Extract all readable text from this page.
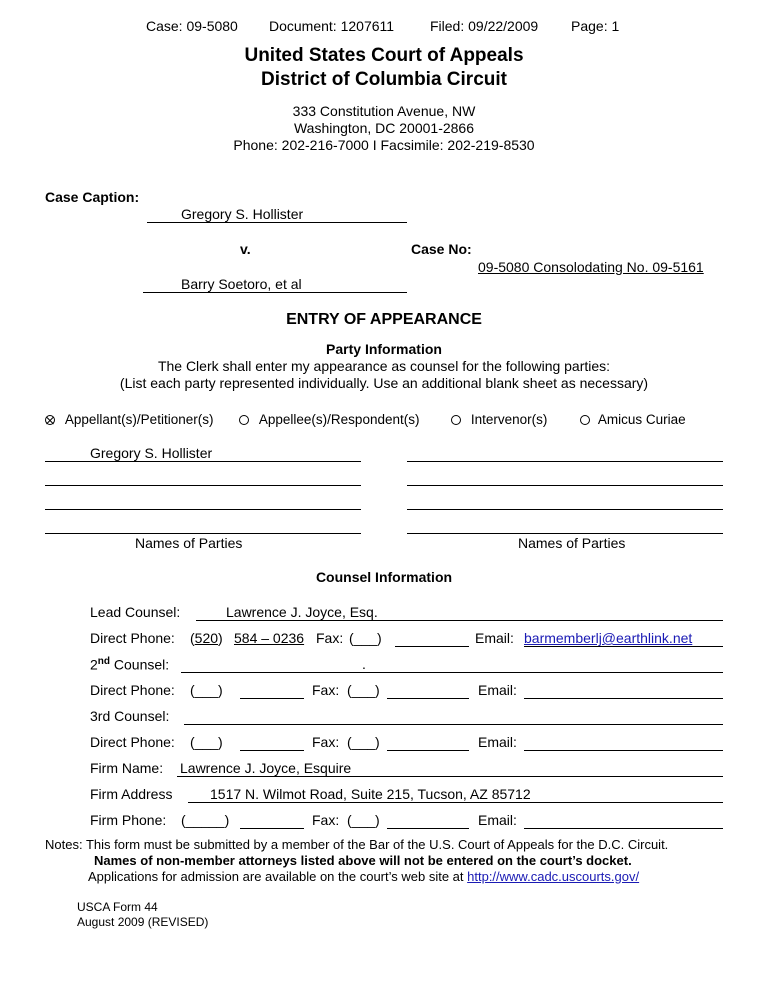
Case: 09-5080 Document: 1207611	Filed: 09/22/2009 Page: 1
United States Court of Appeals
District of Columbia Circuit
333 Constitution Avenue, NW
Washington, DC 20001-2866
Phone: 202-216-7000 I Facsimile: 202-219-8530
Case Caption:
Gregory S. Hollister
v.	Case No:
09-5080 Consolodating No. 09-5161
Barry Soetoro, et al
ENTRY OF APPEARANCE
Party Information
The Clerk shall enter my appearance as counsel for the following parties:
(List each party represented individually. Use an additional blank sheet as necessary)
Appellant(s)/Petitioner(s)	Appellee(s)/Respondent(s)	Intervenor(s)	Amicus Curiae
Gregory S. Hollister
Names of Parties	Names of Parties
Counsel Information
Lead Counsel:	Lawrence J. Joyce, Esq.
Direct Phone: (520) 584 – 0236 Fax: (___)	Email: barmemberlj@earthlink.net
2nd Counsel:	.
Direct Phone: (___)	Fax: (___)	Email:
3rd Counsel:
Direct Phone: (___)	Fax: (___)	Email:
Firm Name: Lawrence J. Joyce, Esquire
Firm Address	1517 N. Wilmot Road, Suite 215, Tucson, AZ 85712
Firm Phone: (_____)	Fax: (___)	Email:
Notes: This form must be submitted by a member of the Bar of the U.S. Court of Appeals for the D.C. Circuit.
Names of non-member attorneys listed above will not be entered on the court’s docket.
Applications for admission are available on the court’s web site at http://www.cadc.uscourts.gov/
USCA Form 44
August 2009 (REVISED)
